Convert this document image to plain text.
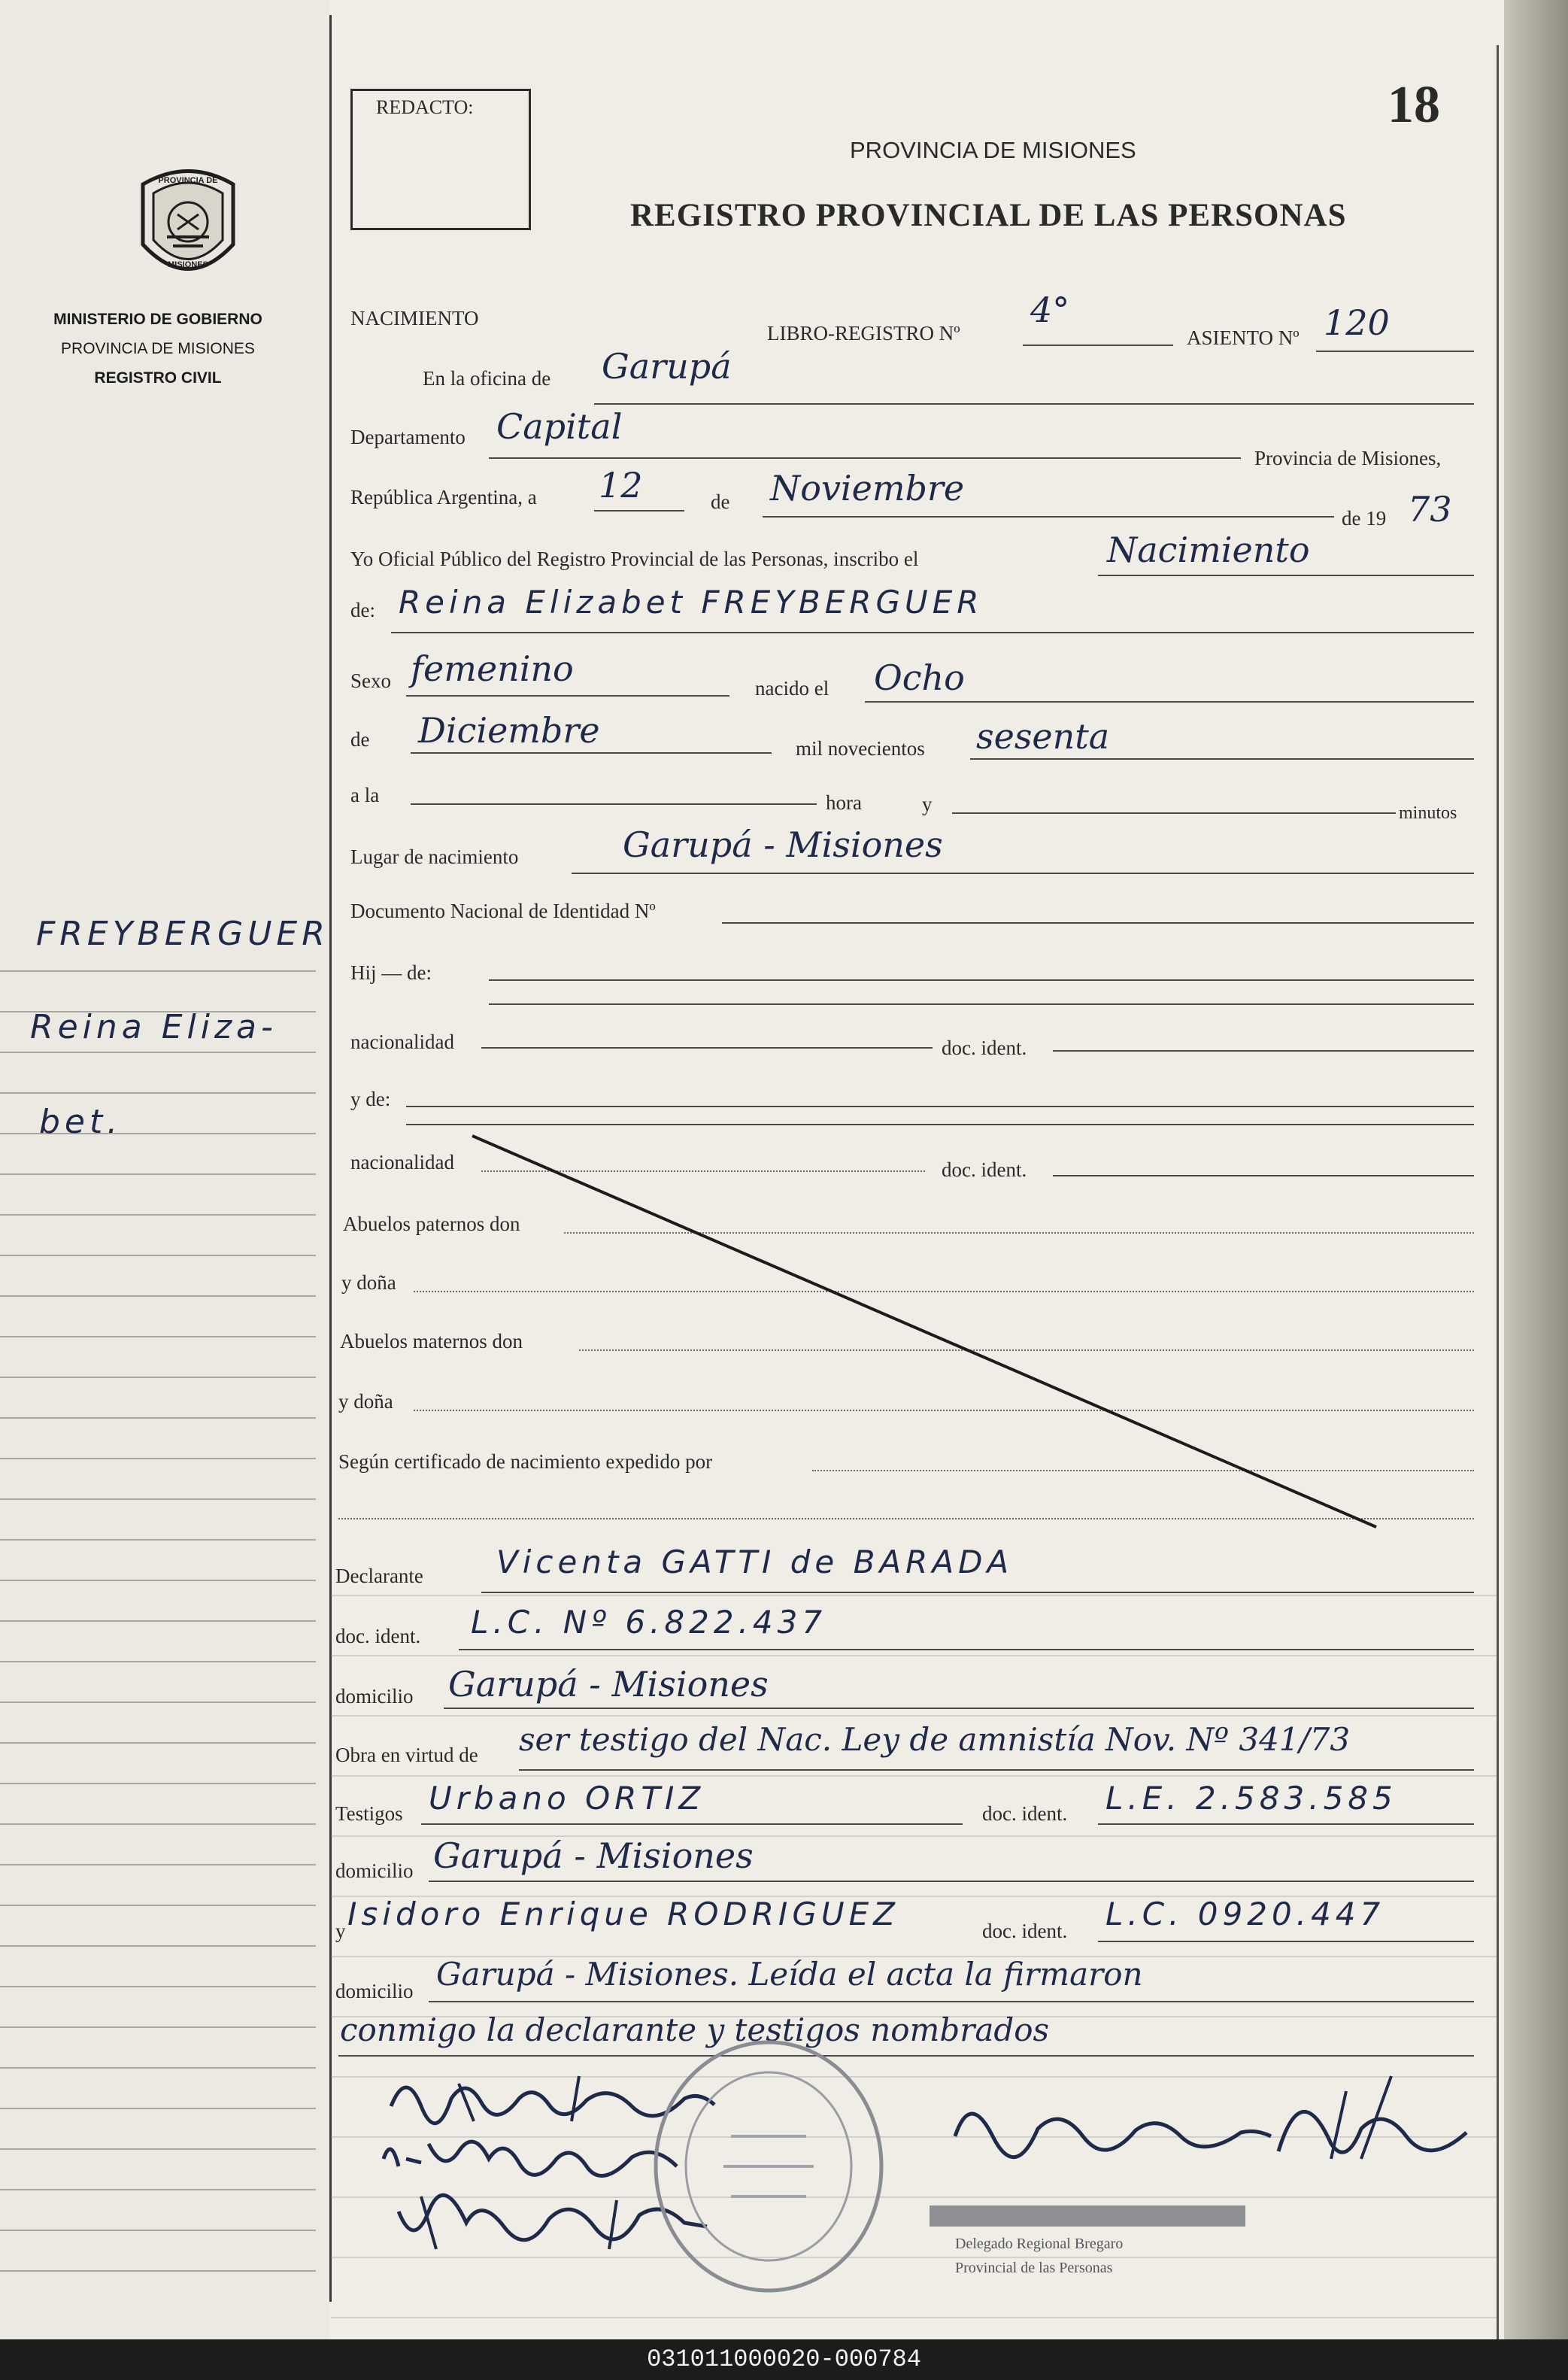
PROVINCIA DE
MISIONES
MINISTERIO DE GOBIERNO
PROVINCIA DE MISIONES
REGISTRO CIVIL
FREYBERGUER
Reina Eliza-
bet.
REDACTO:	18
PROVINCIA DE MISIONES
REGISTRO PROVINCIAL DE LAS PERSONAS
NACIMIENTO
LIBRO-REGISTRO Nº
4°
ASIENTO Nº 120
En la oficina de Garupá
Departamento Capital
Provincia de Misiones,
República Argentina, a 12	de Noviembre
de 19 73
Yo Oficial Público del Registro Provincial de las Personas, inscribo el	Nacimiento
de: Reina Elizabet FREYBERGUER
Sexo femenino	nacido el Ocho
de Diciembre	mil novecientos sesenta
a la	hora	y	minutos
Lugar de nacimiento	Garupá - Misiones
Documento Nacional de Identidad Nº
Hij — de:
nacionalidad	doc. ident.
y de:
nacionalidad	doc. ident.
Abuelos paternos don
y doña
Abuelos maternos don
y doña
Según certificado de nacimiento expedido por
Declarante Vicenta GATTI de BARADA
doc. ident. L.C. Nº 6.822.437
domicilio Garupá - Misiones
Obra en virtud de ser testigo del Nac. Ley de amnistía Nov. Nº 341/73
Testigos Urbano ORTIZ	doc. ident. L.E. 2.583.585
domicilio Garupá - Misiones
y Isidoro Enrique RODRIGUEZ	doc. ident. L.C. 0920.447
domicilio Garupá - Misiones. Leída el acta la firmaron
conmigo la declarante y testigos nombrados
Delegado Regional Bregaro
Provincial de las Personas
031011000020-000784
